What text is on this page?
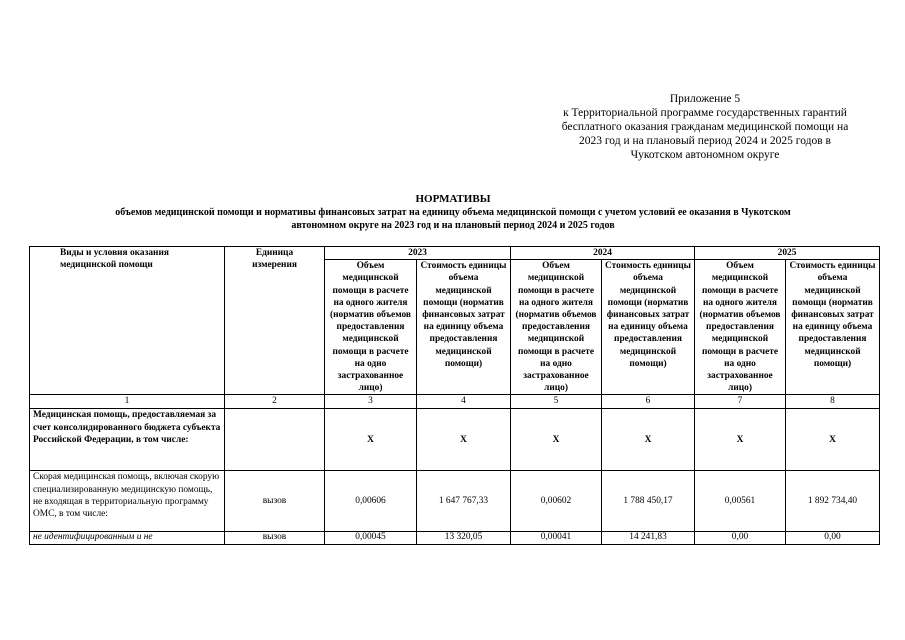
Приложение 5
к Территориальной программе государственных гарантий
бесплатного оказания гражданам медицинской помощи на
2023 год и на плановый период 2024 и 2025 годов в
Чукотском автономном округе
НОРМАТИВЫ
объемов медицинской помощи и нормативы финансовых затрат на единицу объема медицинской помощи с учетом условий ее оказания в Чукотском
автономном округе на 2023 год и на плановый период 2024 и 2025 годов
Виды и условия оказания медицинской помощи	Единица измерения	2023		2024		2025	
		Объем медицинской помощи в расчете на одного жителя (норматив объемов предоставления медицинской помощи в расчете на одно застрахованное лицо)	Стоимость единицы объема медицинской помощи (норматив финансовых затрат на единицу объема предоставления медицинской помощи)	Объем медицинской помощи в расчете на одного жителя (норматив объемов предоставления медицинской помощи в расчете на одно застрахованное лицо)	Стоимость единицы объема медицинской помощи (норматив финансовых затрат на единицу объема предоставления медицинской помощи)	Объем медицинской помощи в расчете на одного жителя (норматив объемов предоставления медицинской помощи в расчете на одно застрахованное лицо)	Стоимость единицы объема медицинской помощи (норматив финансовых затрат на единицу объема предоставления медицинской помощи)
1	2	3	4	5	6	7	8
Медицинская помощь, предоставляемая за счет консолидированного бюджета субъекта Российской Федерации, в том числе:		Х	Х	Х	Х	Х	Х
Скорая медицинская помощь, включая скорую специализированную медицинскую помощь, не входящая в территориальную программу ОМС, в том числе:	вызов	0,00606	1 647 767,33	0,00602	1 788 450,17	0,00561	1 892 734,40
не идентифицированным и не	вызов	0,00045	13 320,05	0,00041	14 241,83	0,00	0,00
